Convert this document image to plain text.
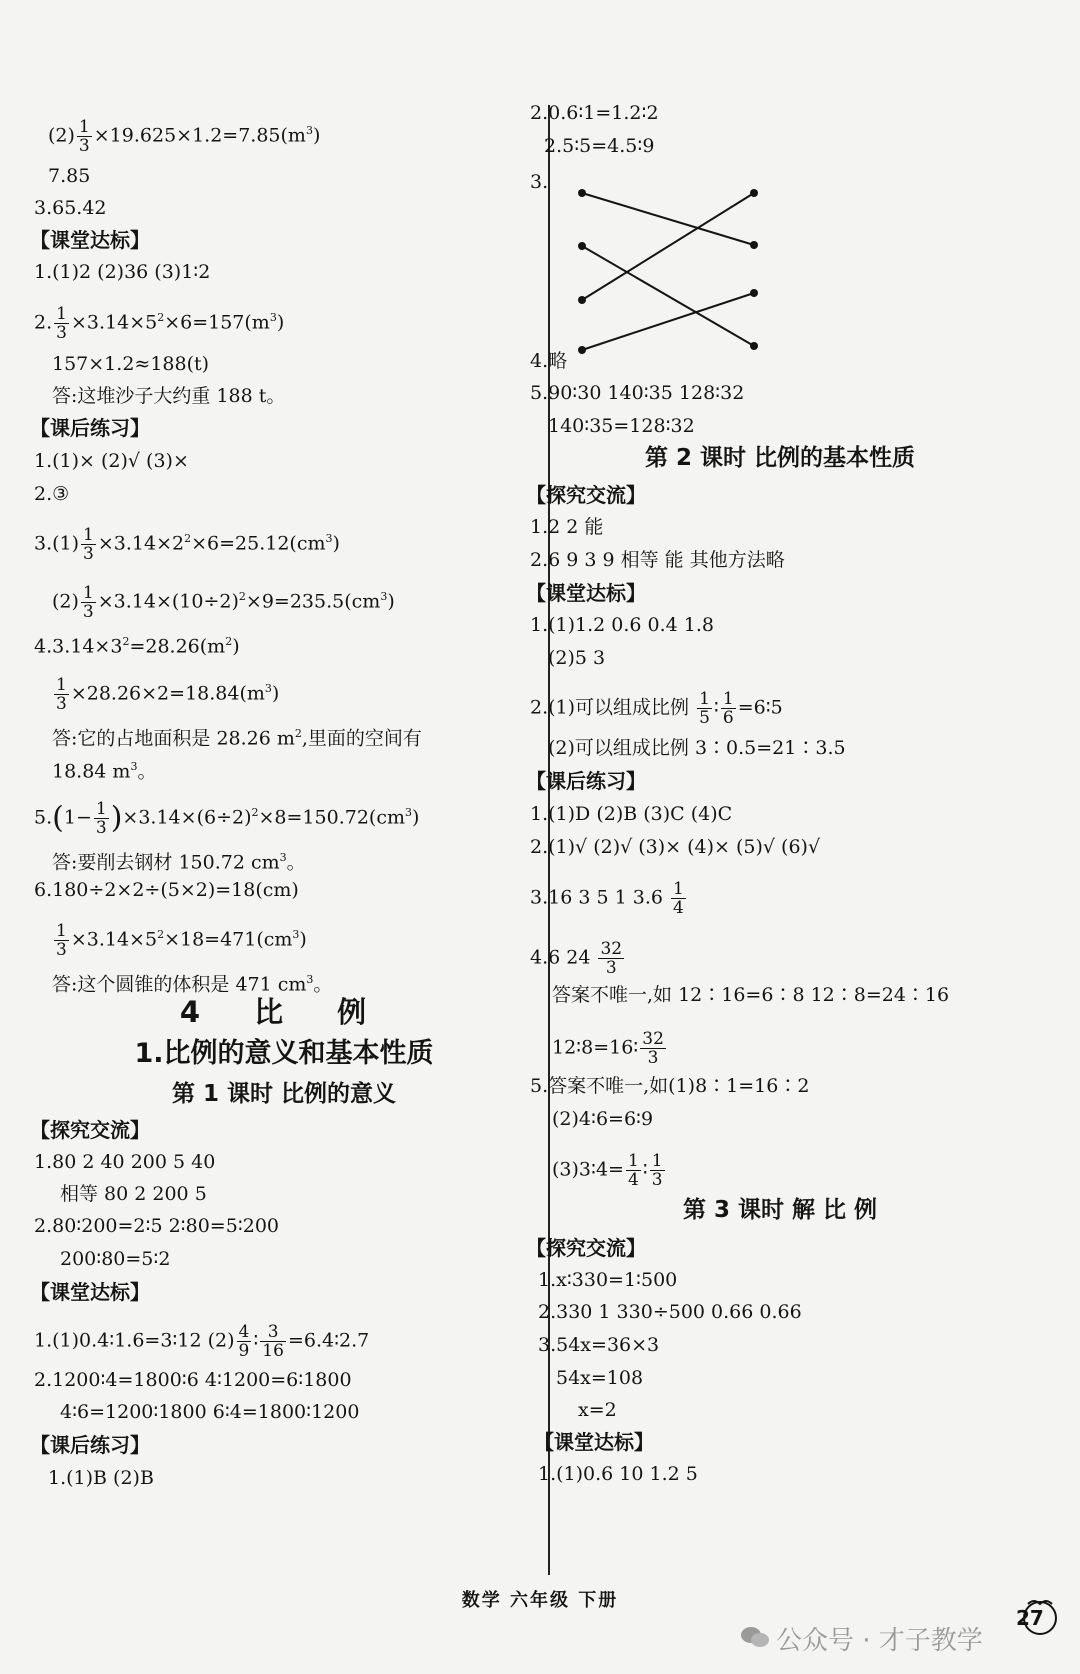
$(2) \frac{1}{3} \times 19.625\times 1.2=7.85(m^3)$
7.85
3.65.42
【课堂达标】
1.(1)2 (2)36 (3)1∶2
2. $\frac{1}{3} \times 3.14\times 5^2\times 6=157(m^3)$
157×1.2≈188(t)
答:这堆沙子大约重 188 t。
【课后练习】
1.(1)× (2)√ (3)×
2.③
$3.(1) \frac{1}{3} \times 3.14\times 2^2\times 6=25.12(cm^3)$
$(2) \frac{1}{3} \times 3.14\times(10\div 2)^2\times 9=235.5(cm^3)$
$4.3.14\times 3^2=28.26(m^2)$
$\frac{1}{3} \times 28.26\times 2=18.84(m^3)$
答:它的占地面积是 28.26 $m^2$,里面的空间有
18.84 $m^3$。
$5.(1- \frac{1}{3} )\times 3.14\times(6\div 2)^2\times 8=150.72(cm^3)$
答:要削去钢材 150.72 $cm^3$。
6.180÷2×2÷(5×2)=18(cm)
$\frac{1}{3} \times 3.14\times 5^2\times 18=471(cm^3)$
答:这个圆锥的体积是 471 $cm^3$。
4 比 例
1.比例的意义和基本性质
第 1 课时 比例的意义
【探究交流】
1.80 2 40 200 5 40
相等 80 2 200 5
2.80∶200=2∶5 2∶80=5∶200
200∶80=5∶2
【课堂达标】
1.(1)0.4∶1.6=3∶12 $(2) \frac{4}{9}$ ∶ $\frac{3}{16}$ =6.4∶2.7
2.1200∶4=1800∶6 4∶1200=6∶1800
4∶6=1200∶1800 6∶4=1800∶1200
【课后练习】
1.(1)B (2)B
2.0.6∶1=1.2∶2
2.5∶5=4.5∶9
3.
4.略
5.90∶30 140∶35 128∶32
140∶35=128∶32
第 2 课时 比例的基本性质
【探究交流】
1.2 2 能
2.6 9 3 9 相等 能 其他方法略
【课堂达标】
1.(1)1.2 0.6 0.4 1.8
(2)5 3
2.(1)可以组成比例 $\frac{1}{5}$ ∶ $\frac{1}{6}$ =6∶5
(2)可以组成比例 3∶0.5=21∶3.5
【课后练习】
1.(1)D (2)B (3)C (4)C
2.(1)√ (2)√ (3)× (4)× (5)√ (6)√
3.16 3 5 1 $3.6 \frac{1}{4}$
4.6 $24 \frac{32}{3}$
答案不唯一,如 12∶16=6∶8 12∶8=24∶16
12∶8=16∶ $\frac{32}{3}$
5.答案不唯一,如(1)8∶1=16∶2
(2)4∶6=6∶9
(3)3∶4= $\frac{1}{4}$ ∶ $\frac{1}{3}$
第 3 课时 解 比 例
【探究交流】
1.x∶330=1∶500
2.330 1 330÷500 0.66 0.66
3.54x=36×3
54x=108
x=2
【课堂达标】
1.(1)0.6 10 1.2 5
数学 六年级 下册
27
公众号 · 才子教学
